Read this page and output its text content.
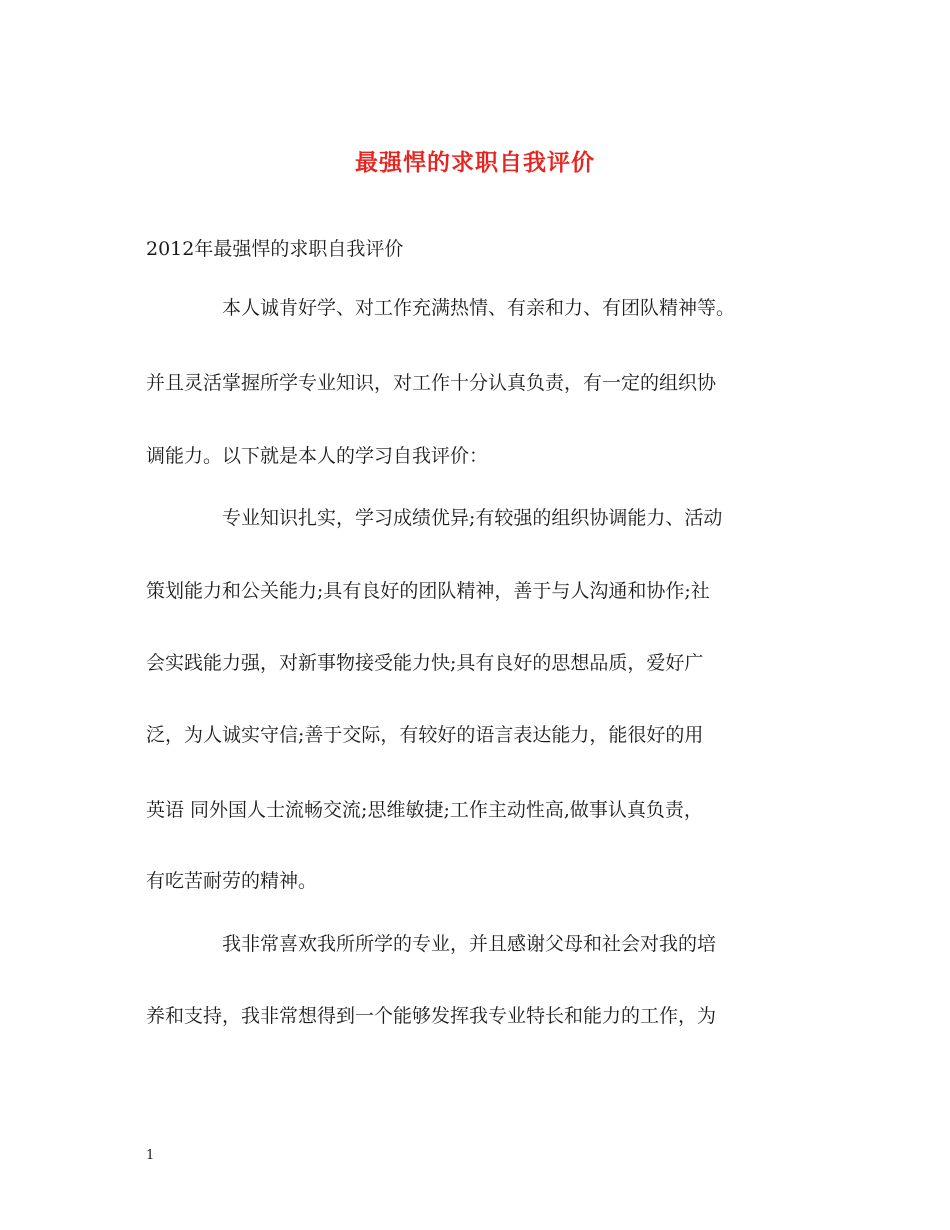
最强悍的求职自我评价

2012年最强悍的求职自我评价

本人诚肯好学、对工作充满热情、有亲和力、有团队精神等。

并且灵活掌握所学专业知识，对工作十分认真负责，有一定的组织协

调能力。以下就是本人的学习自我评价：

专业知识扎实，学习成绩优异;有较强的组织协调能力、活动

策划能力和公关能力;具有良好的团队精神，善于与人沟通和协作;社

会实践能力强，对新事物接受能力快;具有良好的思想品质，爱好广

泛，为人诚实守信;善于交际，有较好的语言表达能力，能很好的用

英语 同外国人士流畅交流;思维敏捷;工作主动性高,做事认真负责，

有吃苦耐劳的精神。

我非常喜欢我所所学的专业，并且感谢父母和社会对我的培

养和支持，我非常想得到一个能够发挥我专业特长和能力的工作，为

1
